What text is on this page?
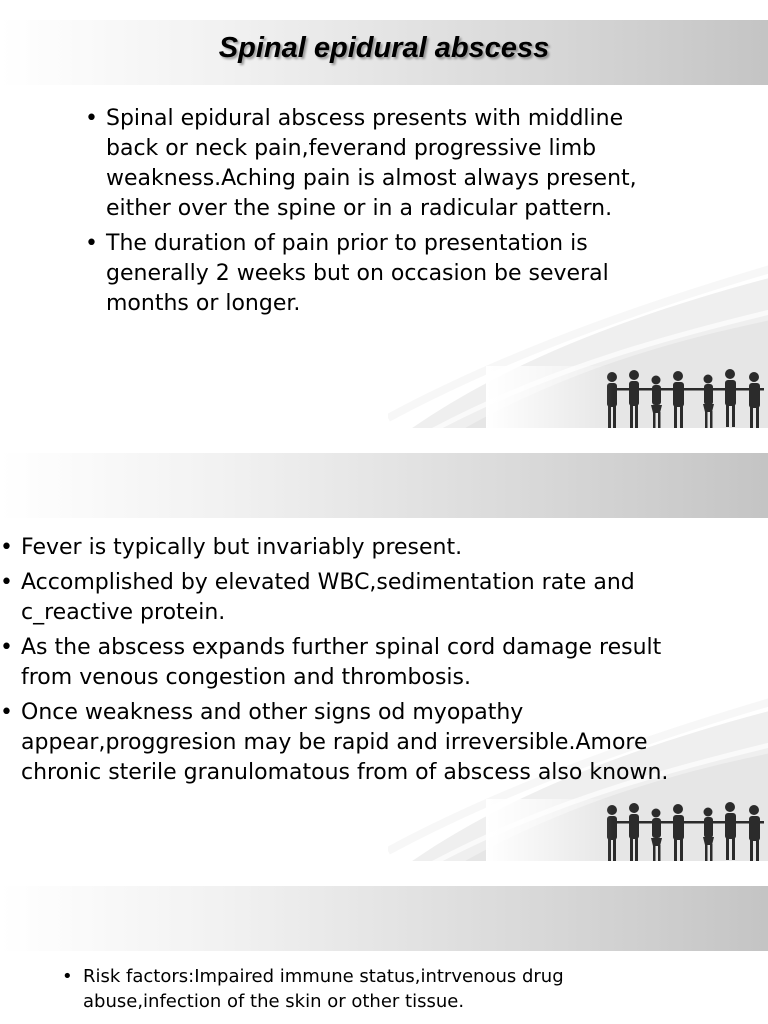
Spinal epidural abscess
• Spinal epidural abscess presents with middline back or neck pain,feverand progressive limb weakness.Aching pain is almost always present, either over the spine or in a radicular pattern.
• The duration of pain prior to presentation is generally 2 weeks but on occasion be several months or longer.
• Fever is typically but invariably present.
• Accomplished by elevated WBC,sedimentation rate and c_reactive protein.
• As the abscess expands further spinal cord damage result from venous congestion and thrombosis.
• Once weakness and other signs od myopathy appear,proggresion may be rapid and irreversible.Amore chronic sterile granulomatous from of abscess also known.
• Risk factors:Impaired immune status,intrvenous drug abuse,infection of the skin or other tissue.
